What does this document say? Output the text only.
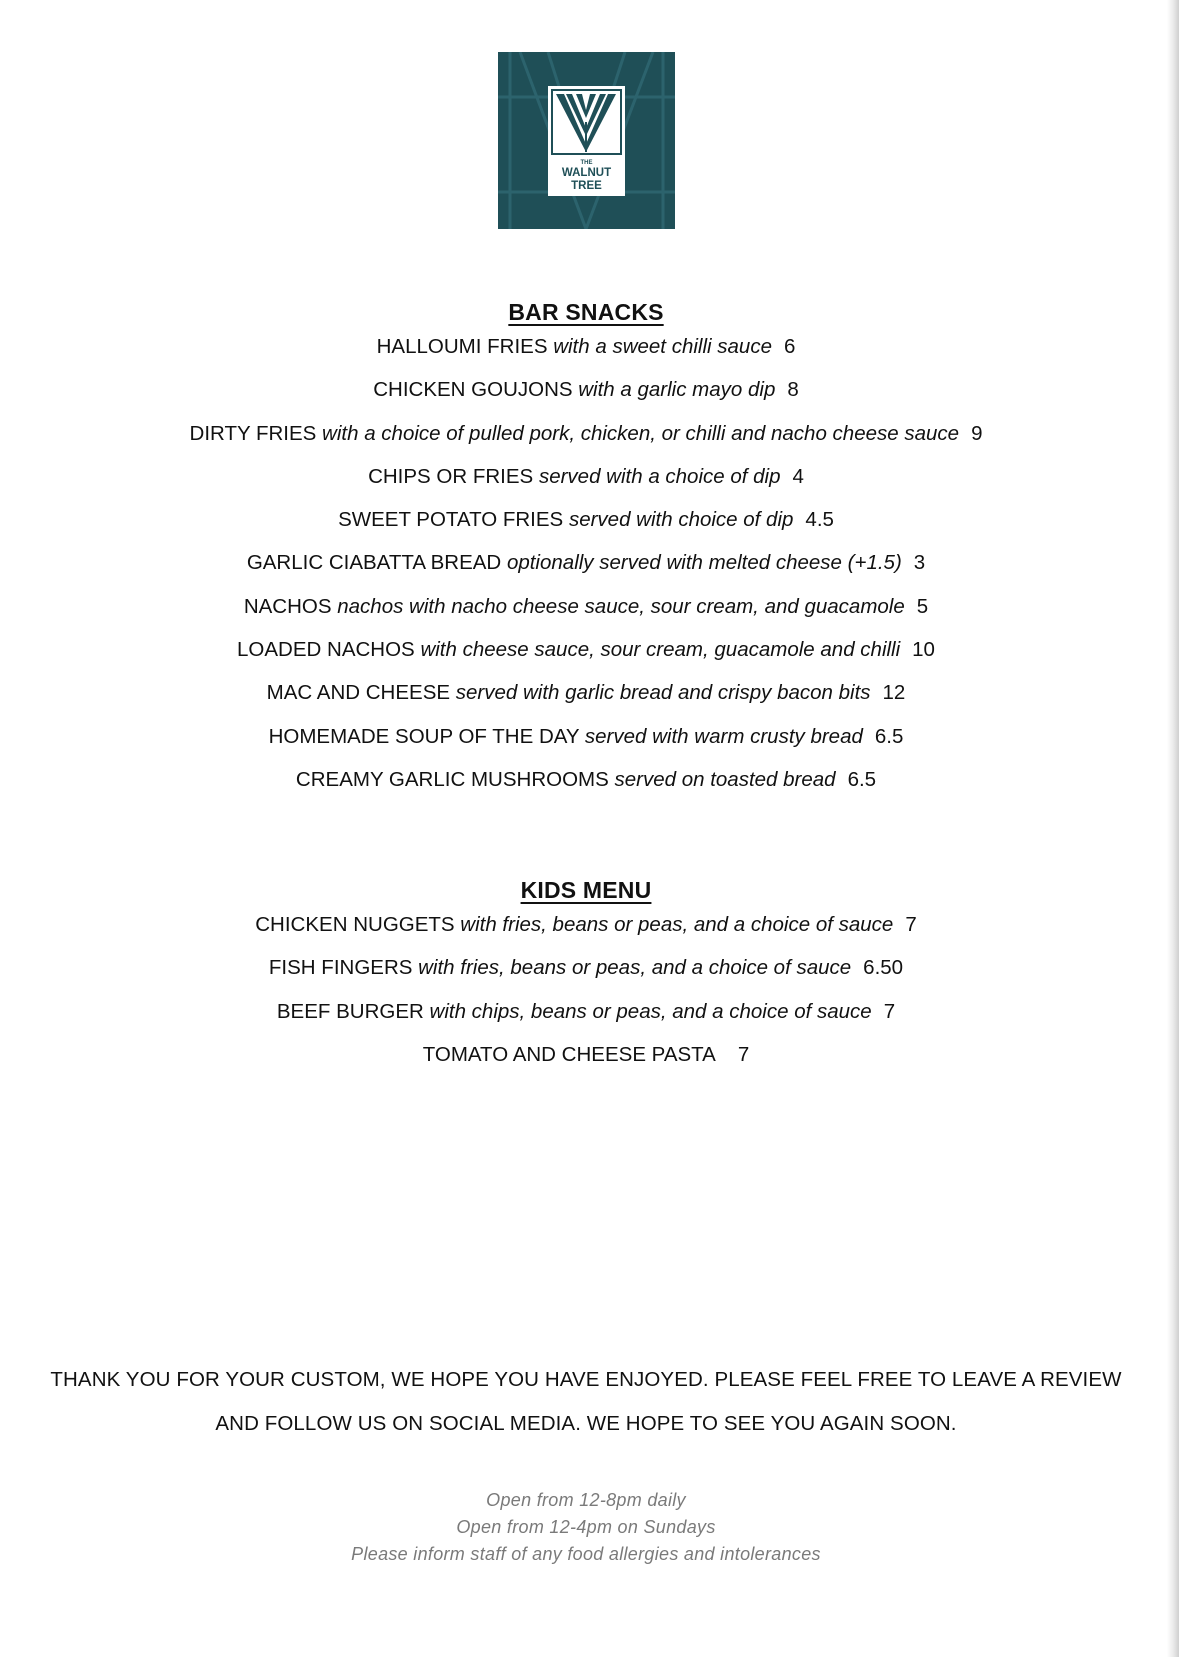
THE
WALNUT
TREE
BAR SNACKS
HALLOUMI FRIES with a sweet chilli sauce 6
CHICKEN GOUJONS with a garlic mayo dip 8
DIRTY FRIES with a choice of pulled pork, chicken, or chilli and nacho cheese sauce 9
CHIPS OR FRIES served with a choice of dip 4
SWEET POTATO FRIES served with choice of dip 4.5
GARLIC CIABATTA BREAD optionally served with melted cheese (+1.5) 3
NACHOS nachos with nacho cheese sauce, sour cream, and guacamole 5
LOADED NACHOS with cheese sauce, sour cream, guacamole and chilli 10
MAC AND CHEESE served with garlic bread and crispy bacon bits 12
HOMEMADE SOUP OF THE DAY served with warm crusty bread 6.5
CREAMY GARLIC MUSHROOMS served on toasted bread 6.5
KIDS MENU
CHICKEN NUGGETS with fries, beans or peas, and a choice of sauce 7
FISH FINGERS with fries, beans or peas, and a choice of sauce 6.50
BEEF BURGER with chips, beans or peas, and a choice of sauce 7
TOMATO AND CHEESE PASTA 7
THANK YOU FOR YOUR CUSTOM, WE HOPE YOU HAVE ENJOYED. PLEASE FEEL FREE TO LEAVE A REVIEW
AND FOLLOW US ON SOCIAL MEDIA. WE HOPE TO SEE YOU AGAIN SOON.
Open from 12-8pm daily
Open from 12-4pm on Sundays
Please inform staff of any food allergies and intolerances
